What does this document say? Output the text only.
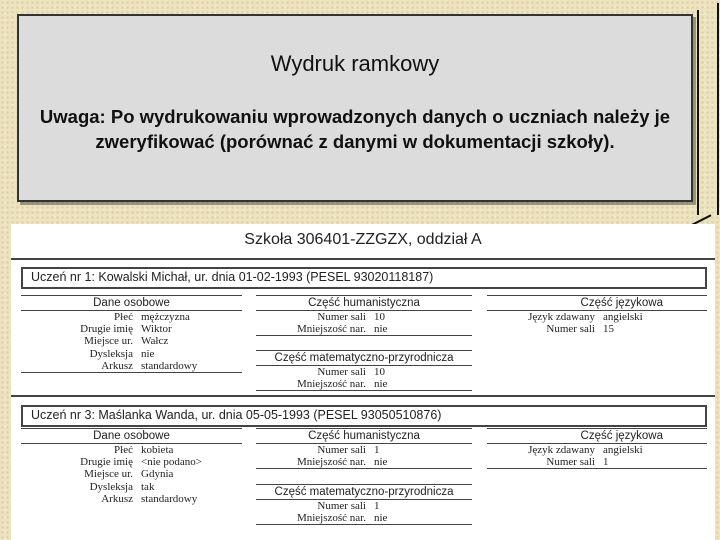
Wydruk ramkowy
Uwaga: Po wydrukowaniu wprowadzonych danych o uczniach należy je zweryfikować (porównać z danymi w dokumentacji szkoły).
Szkoła 306401-ZZGZX, oddział A
Uczeń nr 1: Kowalski Michał, ur. dnia 01-02-1993 (PESEL 93020118187)
Dane osobowe
Płeć mężczyzna
Drugie imię Wiktor
Miejsce ur. Wałcz
Dysleksja nie
Arkusz standardowy
Część humanistyczna
Numer sali 10
Mniejszość nar. nie
Część matematyczno-przyrodnicza
Numer sali 10
Mniejszość nar. nie
Część językowa
Język zdawany angielski
Numer sali 15
Uczeń nr 3: Maślanka Wanda, ur. dnia 05-05-1993 (PESEL 93050510876)
Dane osobowe
Płeć kobieta
Drugie imię <nie podano>
Miejsce ur. Gdynia
Dysleksja tak
Arkusz standardowy
Część humanistyczna
Numer sali 1
Mniejszość nar. nie
Część matematyczno-przyrodnicza
Numer sali 1
Mniejszość nar. nie
Część językowa
Język zdawany angielski
Numer sali 1
